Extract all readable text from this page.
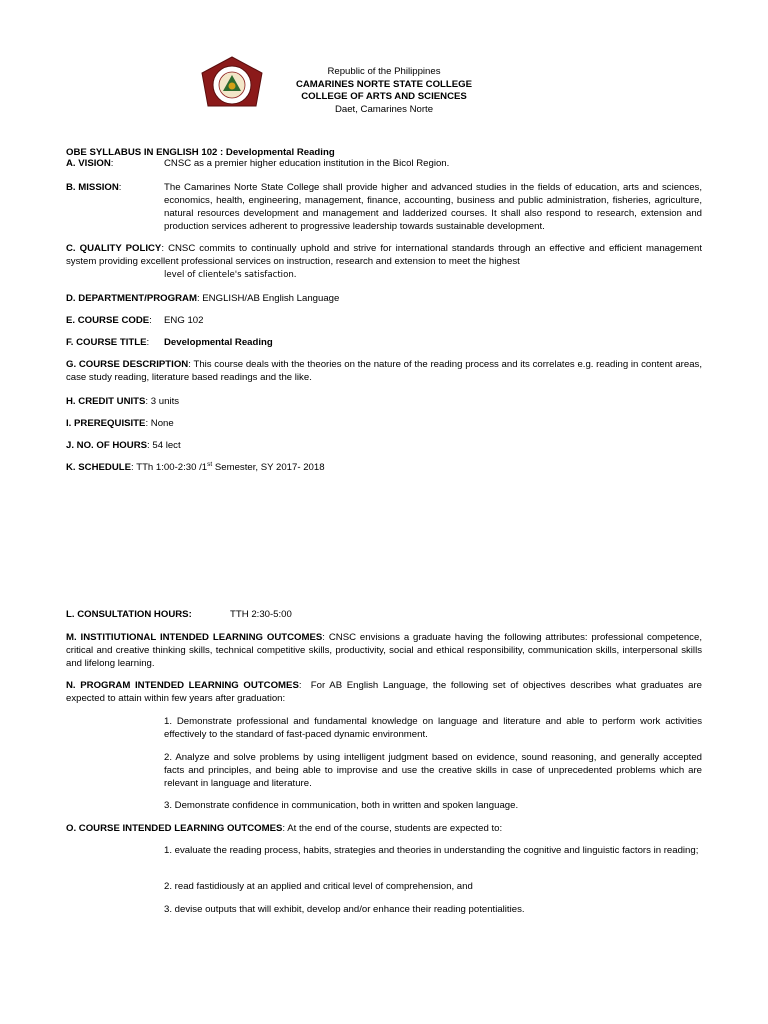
Republic of the Philippines
CAMARINES NORTE STATE COLLEGE
COLLEGE OF ARTS AND SCIENCES
Daet, Camarines Norte
OBE SYLLABUS IN ENGLISH 102 : Developmental Reading
A. VISION:	CNSC as a premier higher education institution in the Bicol Region.
B. MISSION:	The Camarines Norte State College shall provide higher and advanced studies in the fields of education, arts and sciences, economics, health, engineering, management, finance, accounting, business and public administration, fisheries, agriculture, natural resources development and management and ladderized courses. It shall also respond to research, extension and production services adherent to progressive leadership towards sustainable development.
C. QUALITY POLICY: CNSC commits to continually uphold and strive for international standards through an effective and efficient management system providing excellent professional services on instruction, research and extension to meet the highest
level of clientele's satisfaction.
D. DEPARTMENT/PROGRAM: ENGLISH/AB English Language
E. COURSE CODE: ENG 102
F. COURSE TITLE: Developmental Reading
G. COURSE DESCRIPTION: This course deals with the theories on the nature of the reading process and its correlates e.g. reading in content areas, case study reading, literature based readings and the like.
H. CREDIT UNITS: 3 units
I. PREREQUISITE: None
J. NO. OF HOURS: 54 lect
K. SCHEDULE: TTh 1:00-2:30 /1st Semester, SY 2017- 2018
L. CONSULTATION HOURS:	TTH 2:30-5:00
M. INSTITIUTIONAL INTENDED LEARNING OUTCOMES: CNSC envisions a graduate having the following attributes: professional competence, critical and creative thinking skills, technical competitive skills, productivity, social and ethical responsibility, communication skills, interpersonal skills and lifelong learning.
N. PROGRAM INTENDED LEARNING OUTCOMES:  For AB English Language, the following set of objectives describes what graduates are expected to attain within few years after graduation:
1. Demonstrate professional and fundamental knowledge on language and literature and able to perform work activities effectively to the standard of fast-paced dynamic environment.
2. Analyze and solve problems by using intelligent judgment based on evidence, sound reasoning, and generally accepted facts and principles, and being able to improvise and use the creative skills in case of unprecedented problems which are relevant in language and literature.
3. Demonstrate confidence in communication, both in written and spoken language.
O. COURSE INTENDED LEARNING OUTCOMES: At the end of the course, students are expected to:
1. evaluate the reading process, habits, strategies and theories in understanding the cognitive and linguistic factors in reading;
2. read fastidiously at an applied and critical level of comprehension, and
3. devise outputs that will exhibit, develop and/or enhance their reading potentialities.
